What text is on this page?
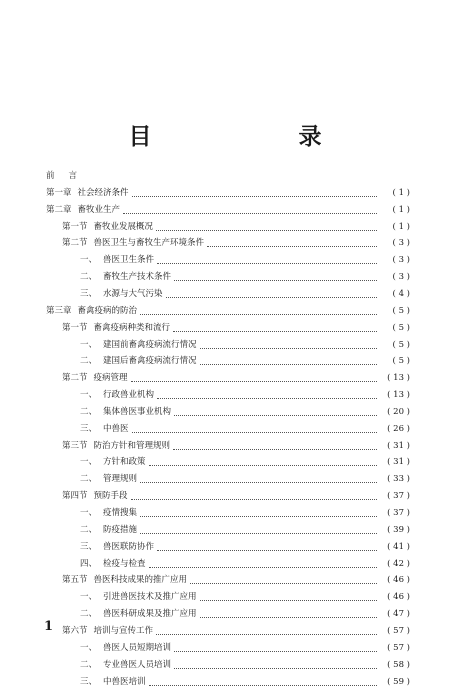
目　录
前 言
第一章 社会经济条件	( 1 )
第二章 畜牧业生产	( 1 )
第一节 畜牧业发展概况	( 1 )
第二节 兽医卫生与畜牧生产环境条件	( 3 )
一、 兽医卫生条件	( 3 )
二、 畜牧生产技术条件	( 3 )
三、 水源与大气污染	( 4 )
第三章 畜禽疫病的防治	( 5 )
第一节 畜禽疫病种类和流行	( 5 )
一、 建国前畜禽疫病流行情况	( 5 )
二、 建国后畜禽疫病流行情况	( 5 )
第二节 疫病管理	( 13 )
一、 行政兽业机构	( 13 )
二、 集体兽医事业机构	( 20 )
三、 中兽医	( 26 )
第三节 防治方针和管理规则	( 31 )
一、 方针和政策	( 31 )
二、 管理规则	( 33 )
第四节 预防手段	( 37 )
一、 疫情搜集	( 37 )
二、 防疫措施	( 39 )
三、 兽医联防协作	( 41 )
四、 检疫与检査	( 42 )
第五节 兽医科技成果的推广应用	( 46 )
一、 引进兽医技术及推广应用	( 46 )
二、 兽医科研成果及推广应用	( 47 )
第六节 培训与宣传工作	( 57 )
一、 兽医人员短期培训	( 57 )
二、 专业兽医人员培训	( 58 )
三、 中兽医培训	( 59 )
1
